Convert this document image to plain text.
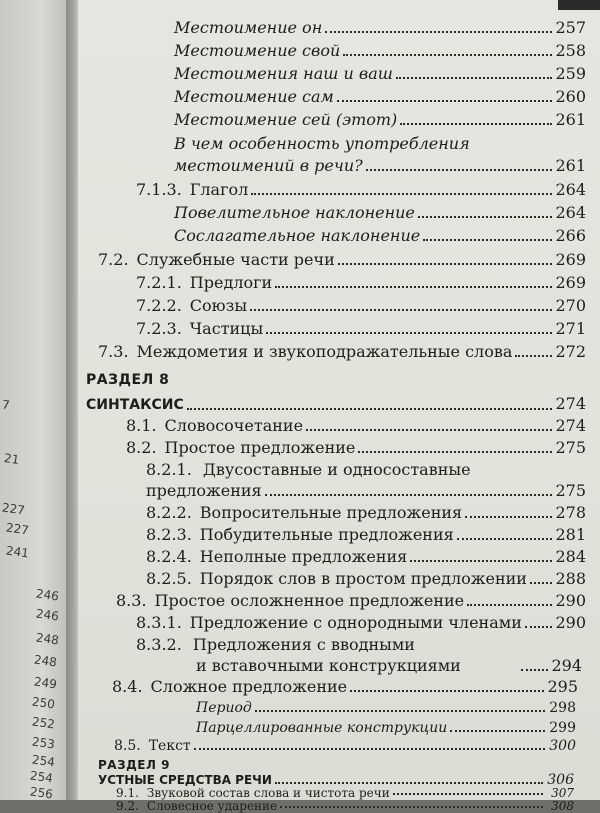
7
21
227
227
241
246
246
248
248
249
250
252
253
254
254
256
Местоимение он	257
Местоимение свой	258
Местоимения наш и ваш	259
Местоимение сам	260
Местоимение сей (этот)	261
В чем особенность употребления
местоимений в речи?	261
7.1.3. Глагол	264
Повелительное наклонение	264
Сослагательное наклонение	266
7.2. Служебные части речи	269
7.2.1. Предлоги	269
7.2.2. Союзы	270
7.2.3. Частицы	271
7.3. Междометия и звукоподражательные слова	272
РАЗДЕЛ 8
СИНТАКСИС	274
8.1. Словосочетание	274
8.2. Простое предложение	275
8.2.1. Двусоставные и односоставные
предложения	275
8.2.2. Вопросительные предложения	278
8.2.3. Побудительные предложения	281
8.2.4. Неполные предложения	284
8.2.5. Порядок слов в простом предложении 288
8.3. Простое осложненное предложение	290
8.3.1. Предложение с однородными членами 290
8.3.2. Предложения с вводными
и вставочными конструкциями	294
8.4. Сложное предложение	295
Период	298
Парцеллированные конструкции	299
8.5. Текст	300
РАЗДЕЛ 9
УСТНЫЕ СРЕДСТВА РЕЧИ	306
9.1. Звуковой состав слова и чистота речи	307
9.2. Словесное ударение	308
